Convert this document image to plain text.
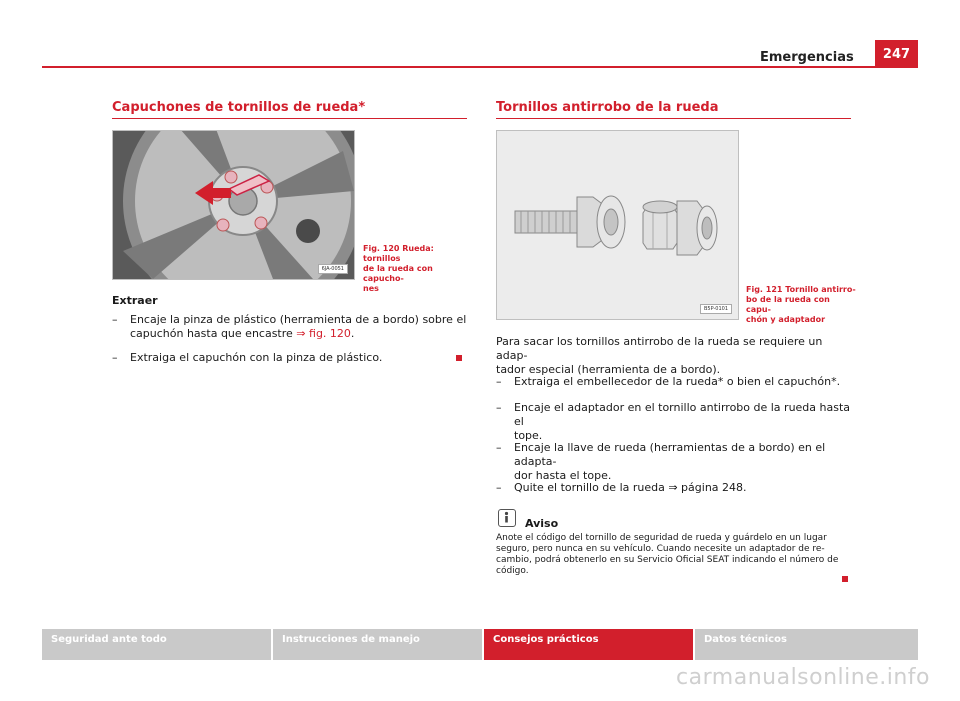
Emergencias	247
Capuchones de tornillos de rueda*
6JA-0051
Fig. 120 Rueda: tornillos
de la rueda con capucho-
nes
Extraer
– Encaje la pinza de plástico (herramienta de a bordo) sobre el
capuchón hasta que encastre ⇒ fig. 120.
– Extraiga el capuchón con la pinza de plástico.
Tornillos antirrobo de la rueda
B5P-0101
Fig. 121 Tornillo antirro-
bo de la rueda con capu-
chón y adaptador
Para sacar los tornillos antirrobo de la rueda se requiere un adap-
tador especial (herramienta de a bordo).
– Extraiga el embellecedor de la rueda* o bien el capuchón*.
– Encaje el adaptador en el tornillo antirrobo de la rueda hasta el
tope.
– Encaje la llave de rueda (herramientas de a bordo) en el adapta-
dor hasta el tope.
– Quite el tornillo de la rueda ⇒ página 248.
Aviso
Anote el código del tornillo de seguridad de rueda y guárdelo en un lugar
seguro, pero nunca en su vehículo. Cuando necesite un adaptador de re-
cambio, podrá obtenerlo en su Servicio Oficial SEAT indicando el número de
código.
Seguridad ante todo	Instrucciones de manejo	Consejos prácticos	Datos técnicos
carmanualsonline.info
